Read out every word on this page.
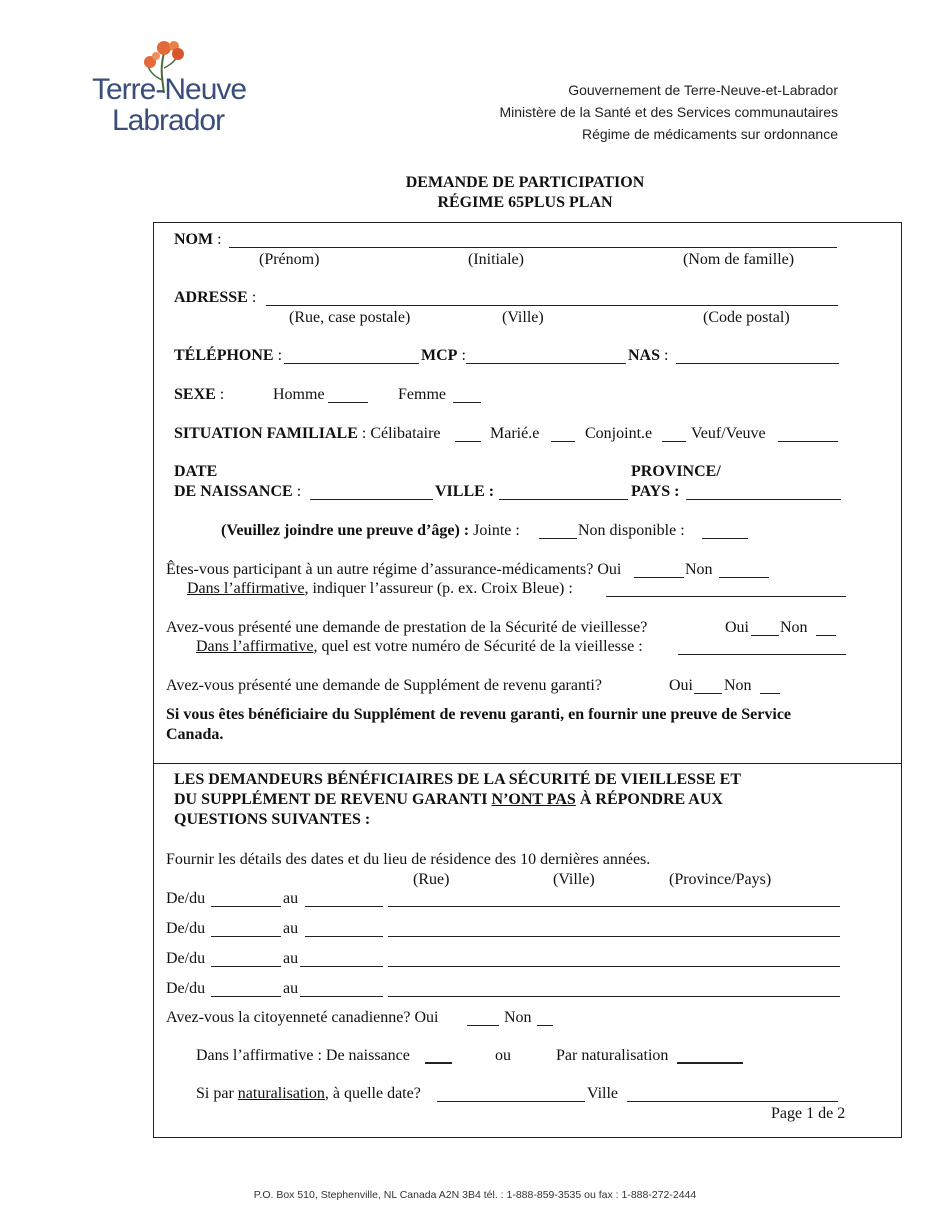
Terre-Neuve
Labrador
Gouvernement de Terre-Neuve-et-Labrador
Ministère de la Santé et des Services communautaires
Régime de médicaments sur ordonnance
DEMANDE DE PARTICIPATION
RÉGIME 65PLUS PLAN
NOM :
(Prénom)	(Initiale)	(Nom de famille)
ADRESSE :
(Rue, case postale)	(Ville)	(Code postal)
TÉLÉPHONE :	MCP :	NAS :
SEXE :	Homme	Femme
SITUATION FAMILIALE : Célibataire	Marié.e	Conjoint.e Veuf/Veuve
DATE
DE NAISSANCE :	VILLE :
PROVINCE/
PAYS :
(Veuillez joindre une preuve d’âge) : Jointe :	Non disponible :
Êtes-vous participant à un autre régime d’assurance-médicaments? Oui	Non
Dans l’affirmative, indiquer l’assureur (p. ex. Croix Bleue) :
Avez-vous présenté une demande de prestation de la Sécurité de vieillesse?	Oui Non
Dans l’affirmative, quel est votre numéro de Sécurité de la vieillesse :
Avez-vous présenté une demande de Supplément de revenu garanti?	Oui Non
Si vous êtes bénéficiaire du Supplément de revenu garanti, en fournir une preuve de Service
Canada.
LES DEMANDEURS BÉNÉFICIAIRES DE LA SÉCURITÉ DE VIEILLESSE ET
DU SUPPLÉMENT DE REVENU GARANTI N’ONT PAS À RÉPONDRE AUX
QUESTIONS SUIVANTES :
Fournir les détails des dates et du lieu de résidence des 10 dernières années.
(Rue)	(Ville)	(Province/Pays)
De/du	au
De/du	au
De/du	au
De/du	au
Avez-vous la citoyenneté canadienne? Oui	Non
Dans l’affirmative : De naissance	ou	Par naturalisation
Si par naturalisation, à quelle date?	Ville
Page 1 de 2
P.O. Box 510, Stephenville, NL Canada A2N 3B4 tél. : 1-888-859-3535 ou fax : 1-888-272-2444
